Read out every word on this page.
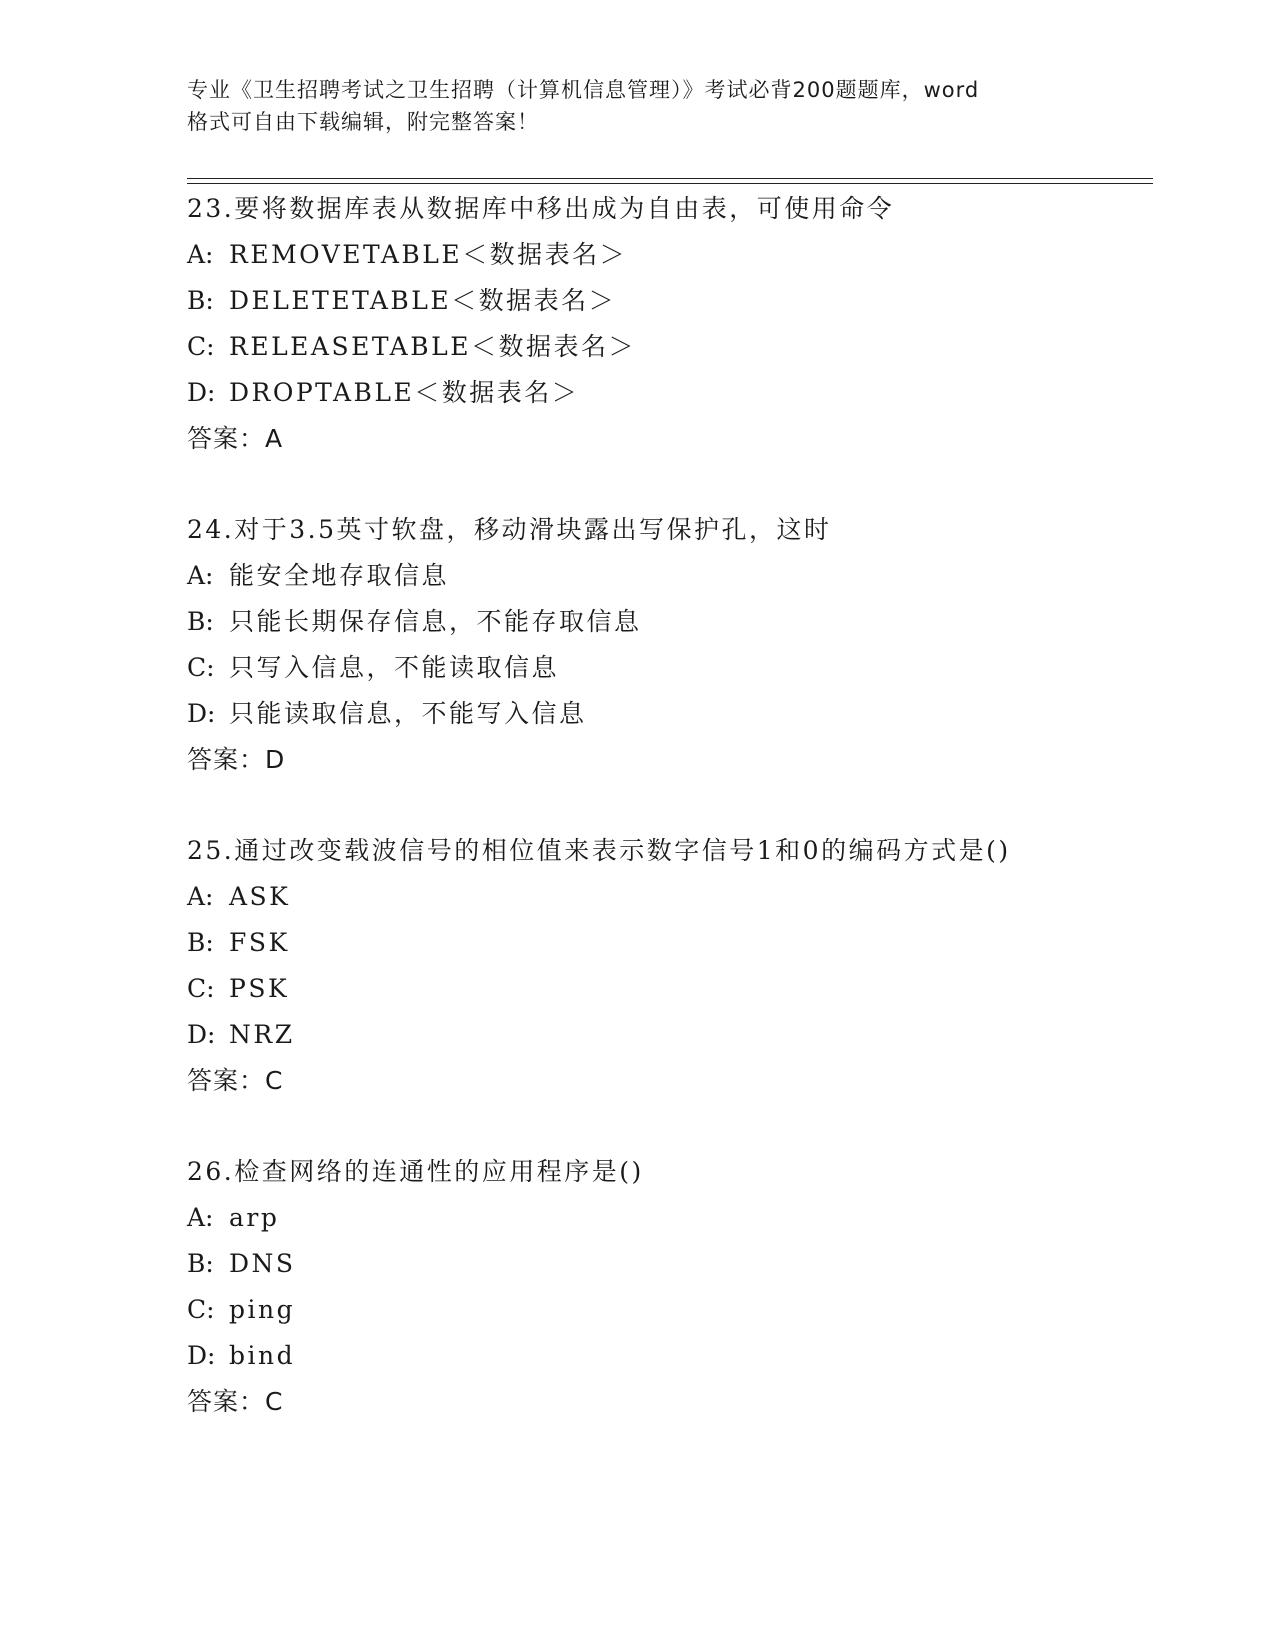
专业《卫生招聘考试之卫生招聘（计算机信息管理）》考试必背200题题库，word
格式可自由下载编辑，附完整答案！
23.要将数据库表从数据库中移出成为自由表，可使用命令
A: REMOVETABLE＜数据表名＞
B: DELETETABLE＜数据表名＞
C: RELEASETABLE＜数据表名＞
D: DROPTABLE＜数据表名＞
答案：A
24.对于3.5英寸软盘，移动滑块露出写保护孔，这时
A: 能安全地存取信息
B: 只能长期保存信息，不能存取信息
C: 只写入信息，不能读取信息
D: 只能读取信息，不能写入信息
答案：D
25.通过改变载波信号的相位值来表示数字信号1和0的编码方式是()
A: ASK
B: FSK
C: PSK
D: NRZ
答案：C
26.检查网络的连通性的应用程序是()
A: arp
B: DNS
C: ping
D: bind
答案：C
